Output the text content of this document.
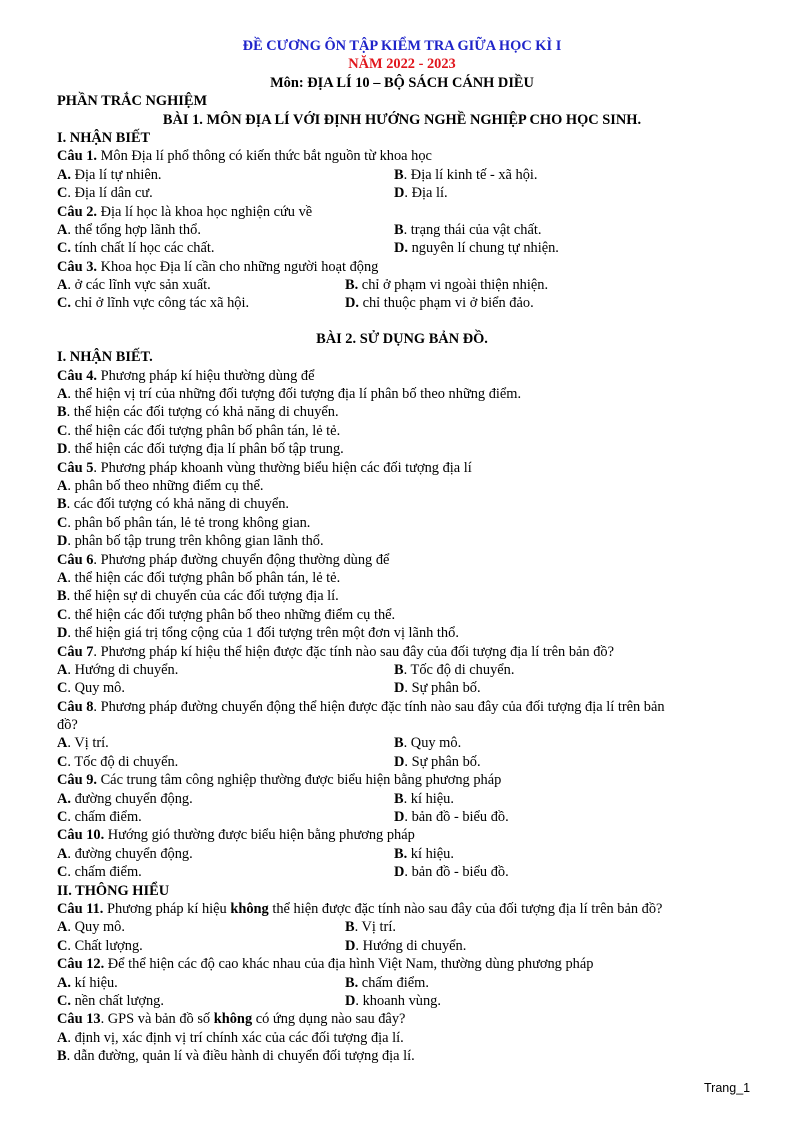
ĐỀ CƯƠNG ÔN TẬP KIỂM TRA GIỮA HỌC KÌ I
NĂM 2022 - 2023
Môn: ĐỊA LÍ 10 – BỘ SÁCH CÁNH DIỀU
PHẦN TRẮC NGHIỆM
BÀI 1. MÔN ĐỊA LÍ VỚI ĐỊNH HƯỚNG NGHỀ NGHIỆP CHO HỌC SINH.
I. NHẬN BIẾT
Câu 1. Môn Địa lí phổ thông có kiến thức bắt nguồn từ khoa học
A. Địa lí tự nhiên.	B. Địa lí kinh tế - xã hội.
C. Địa lí dân cư.	D. Địa lí.
Câu 2. Địa lí học là khoa học nghiện cứu về
A. thể tổng hợp lãnh thổ.	B. trạng thái của vật chất.
C. tính chất lí học các chất.	D. nguyên lí chung tự nhiện.
Câu 3. Khoa học Địa lí cần cho những người hoạt động
A. ở các lĩnh vực sản xuất.	B. chỉ ở phạm vi ngoài thiện nhiện.
C. chỉ ở lĩnh vực công tác xã hội.	D. chỉ thuộc phạm vi ở biển đảo.
BÀI 2. SỬ DỤNG BẢN ĐỒ.
I. NHẬN BIẾT.
Câu 4. Phương pháp kí hiệu thường dùng để
A. thể hiện vị trí của những đối tượng đối tượng địa lí phân bố theo những điểm.
B. thể hiện các đối tượng có khả năng di chuyển.
C. thể hiện các đối tượng phân bố phân tán, lẻ tẻ.
D. thể hiện các đối tượng địa lí phân bố tập trung.
Câu 5. Phương pháp khoanh vùng thường biểu hiện các đối tượng địa lí
A. phân bố theo những điểm cụ thể.
B. các đối tượng có khả năng di chuyển.
C. phân bố phân tán, lẻ tẻ trong không gian.
D. phân bố tập trung trên không gian lãnh thổ.
Câu 6. Phương pháp đường chuyển động thường dùng để
A. thể hiện các đối tượng phân bố phân tán, lẻ tẻ.
B. thể hiện sự di chuyển của các đối tượng địa lí.
C. thể hiện các đối tượng phân bố theo những điểm cụ thể.
D. thể hiện giá trị tổng cộng của 1 đối tượng trên một đơn vị lãnh thổ.
Câu 7. Phương pháp kí hiệu thể hiện được đặc tính nào sau đây của đối tượng địa lí trên bản đồ?
A. Hướng di chuyển.	B. Tốc độ di chuyển.
C. Quy mô.	D. Sự phân bố.
Câu 8. Phương pháp đường chuyển động thể hiện được đặc tính nào sau đây của đối tượng địa lí trên bản
đồ?
A. Vị trí.	B. Quy mô.
C. Tốc độ di chuyển.	D. Sự phân bố.
Câu 9. Các trung tâm công nghiệp thường được biểu hiện bằng phương pháp
A. đường chuyển động.	B. kí hiệu.
C. chấm điểm.	D. bản đồ - biểu đồ.
Câu 10. Hướng gió thường được biểu hiện bằng phương pháp
A. đường chuyển động.	B. kí hiệu.
C. chấm điểm.	D. bản đồ - biểu đồ.
II. THÔNG HIỂU
Câu 11. Phương pháp kí hiệu không thể hiện được đặc tính nào sau đây của đối tượng địa lí trên bản đồ?
A. Quy mô.	B. Vị trí.
C. Chất lượng.	D. Hướng di chuyển.
Câu 12. Để thể hiện các độ cao khác nhau của địa hình Việt Nam, thường dùng phương pháp
A. kí hiệu.	B. chấm điểm.
C. nền chất lượng.	D. khoanh vùng.
Câu 13. GPS và bản đồ số không có ứng dụng nào sau đây?
A. định vị, xác định vị trí chính xác của các đối tượng địa lí.
B. dẫn đường, quản lí và điều hành di chuyển đối tượng địa lí.
Trang_1
